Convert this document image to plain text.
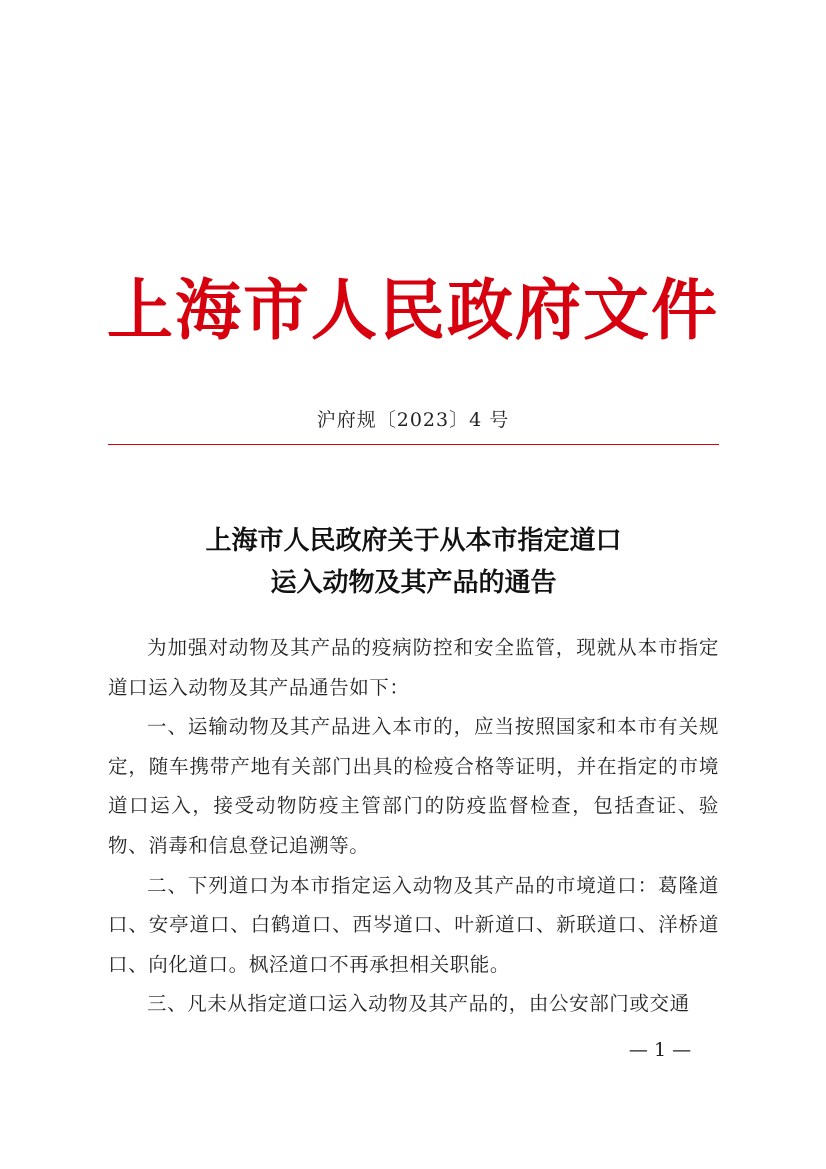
上海市人民政府文件
沪府规〔2023〕4 号
上海市人民政府关于从本市指定道口
运入动物及其产品的通告

为加强对动物及其产品的疫病防控和安全监管，现就从本市指定道口运入动物及其产品通告如下：

一、运输动物及其产品进入本市的，应当按照国家和本市有关规定，随车携带产地有关部门出具的检疫合格等证明，并在指定的市境道口运入，接受动物防疫主管部门的防疫监督检查，包括查证、验物、消毒和信息登记追溯等。

二、下列道口为本市指定运入动物及其产品的市境道口：葛隆道口、安亭道口、白鹤道口、西岑道口、叶新道口、新联道口、洋桥道口、向化道口。枫泾道口不再承担相关职能。

三、凡未从指定道口运入动物及其产品的，由公安部门或交通

— 1 —
